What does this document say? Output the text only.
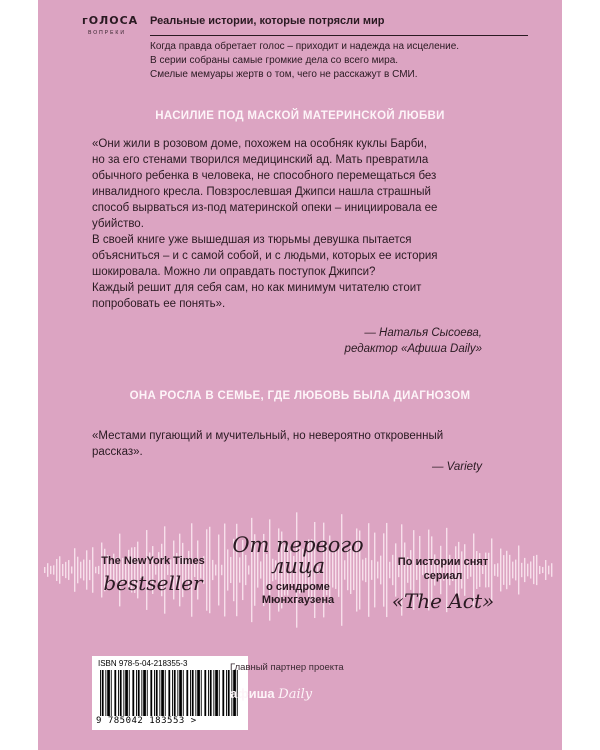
гОЛОСА
ВОПРЕКИ
Реальные истории, которые потрясли мир
Когда правда обретает голос – приходит и надежда на исцеление.
В серии собраны самые громкие дела со всего мира.
Смелые мемуары жертв о том, чего не расскажут в СМИ.
НАСИЛИЕ ПОД МАСКОЙ МАТЕРИНСКОЙ ЛЮБВИ
«Они жили в розовом доме, похожем на особняк куклы Барби,
но за его стенами творился медицинский ад. Мать превратила
обычного ребенка в человека, не способного перемещаться без
инвалидного кресла. Повзрослевшая Джипси нашла страшный
способ вырваться из-под материнской опеки – инициировала ее
убийство.
В своей книге уже вышедшая из тюрьмы девушка пытается
объясниться – и с самой собой, и с людьми, которых ее история
шокировала. Можно ли оправдать поступок Джипси?
Каждый решит для себя сам, но как минимум читателю стоит
попробовать ее понять».
— Наталья Сысоева,
редактор «Афиша Daily»
ОНА РОСЛА В СЕМЬЕ, ГДЕ ЛЮБОВЬ БЫЛА ДИАГНОЗОМ
«Местами пугающий и мучительный, но невероятно откровенный
рассказ».
— Variety
The NewYork Times
bestseller
От первого
лица
о синдроме
Мюнхгаузена
По истории снят
сериал
«The Act»
ISBN 978-5-04-218355-3
9 785042 183553 >
Главный партнер проекта
афиша Daily
